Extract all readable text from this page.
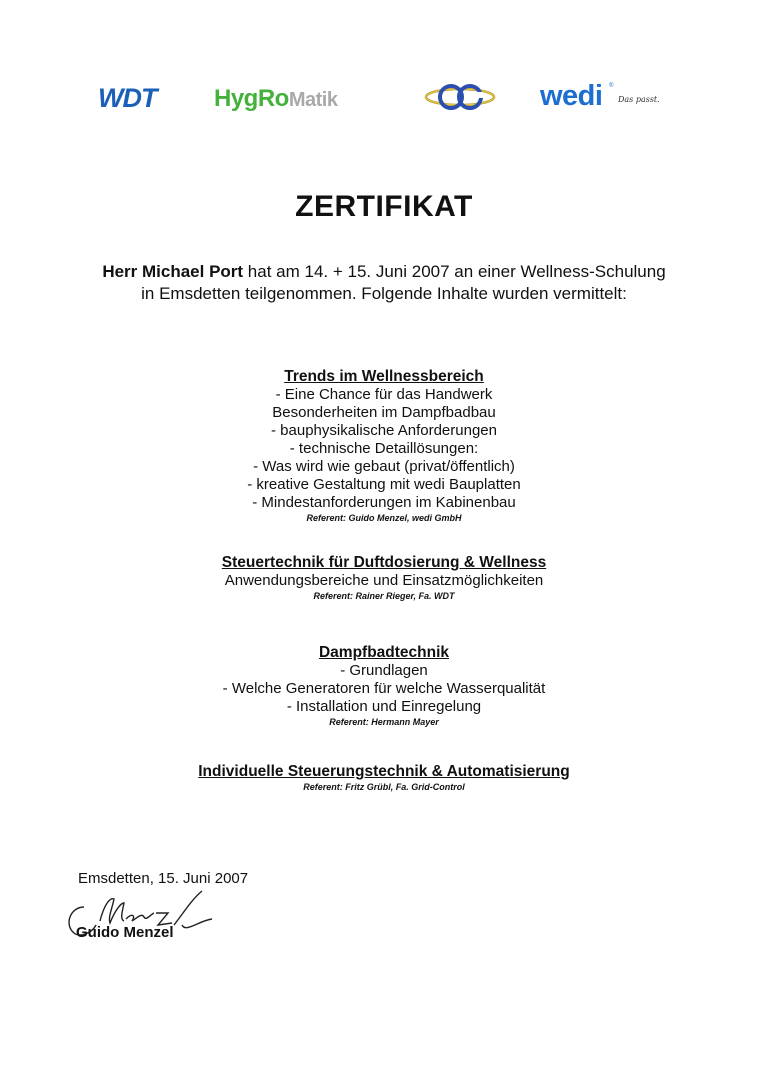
WDT HygRoMatik
GC	wedi ®
Das passt.
ZERTIFIKAT
Herr Michael Port hat am 14. + 15. Juni 2007 an einer Wellness-Schulung
in Emsdetten teilgenommen. Folgende Inhalte wurden vermittelt:
Trends im Wellnessbereich
- Eine Chance für das Handwerk
Besonderheiten im Dampfbadbau
- bauphysikalische Anforderungen
- technische Detaillösungen:
- Was wird wie gebaut (privat/öffentlich)
- kreative Gestaltung mit wedi Bauplatten
- Mindestanforderungen im Kabinenbau
Referent: Guido Menzel, wedi GmbH
Steuertechnik für Duftdosierung & Wellness
Anwendungsbereiche und Einsatzmöglichkeiten
Referent: Rainer Rieger, Fa. WDT
Dampfbadtechnik
- Grundlagen
- Welche Generatoren für welche Wasserqualität
- Installation und Einregelung
Referent: Hermann Mayer
Individuelle Steuerungstechnik & Automatisierung
Referent: Fritz Grübl, Fa. Grid-Control
Emsdetten, 15. Juni 2007
Guido Menzel
